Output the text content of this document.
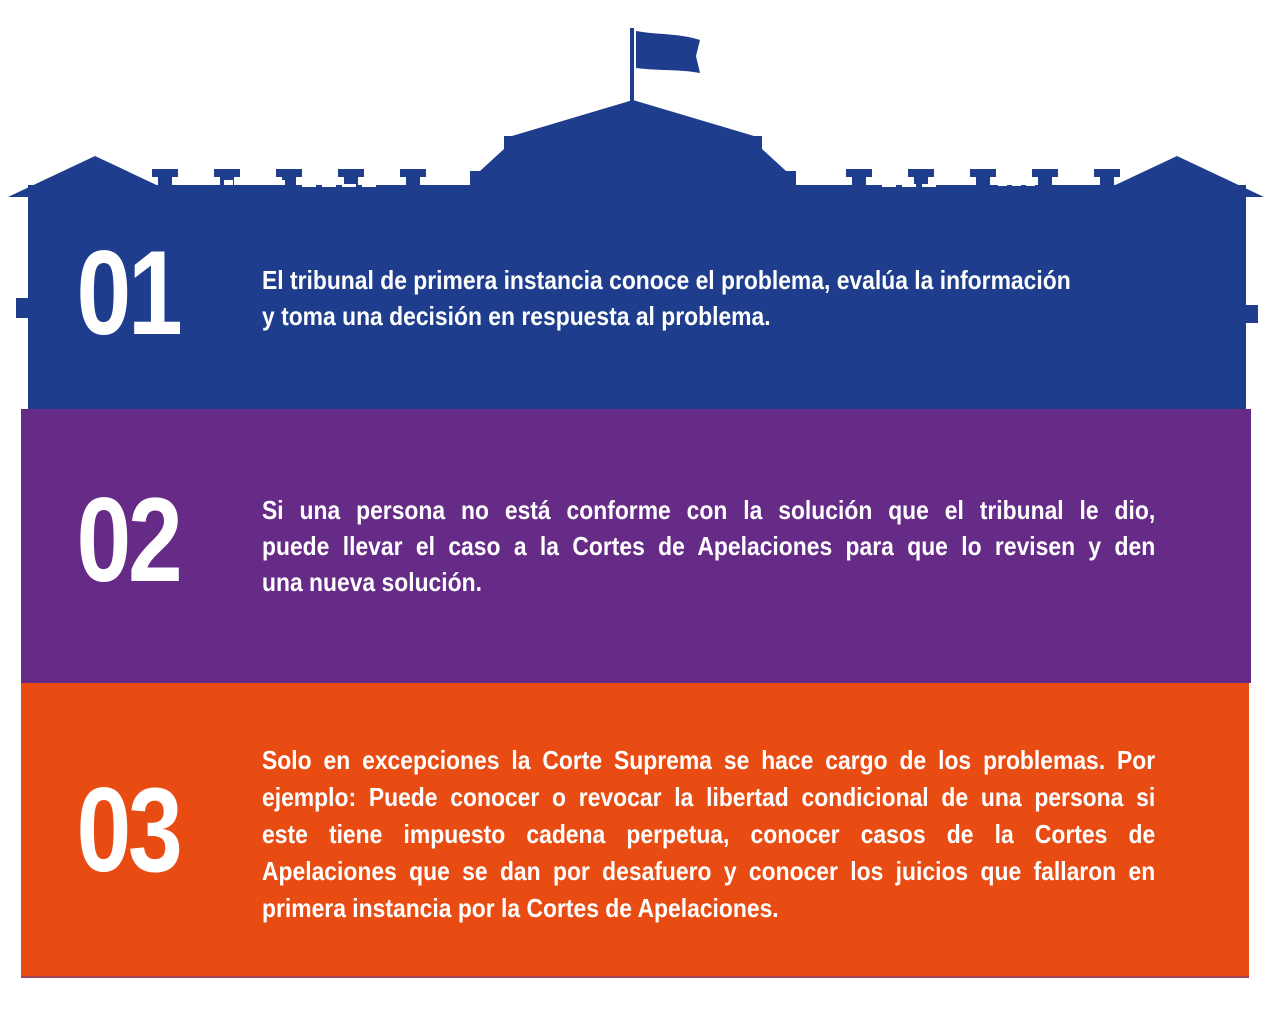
01
02
03
El tribunal de primera instancia conoce el problema, evalúa la información
y toma una decisión en respuesta al problema.
Si una persona no está conforme con la solución que el tribunal le dio,
puede llevar el caso a la Cortes de Apelaciones para que lo revisen y den
una nueva solución.
Solo en excepciones la Corte Suprema se hace cargo de los problemas. Por
ejemplo: Puede conocer o revocar la libertad condicional de una persona si
este tiene impuesto cadena perpetua, conocer casos de la Cortes de
Apelaciones que se dan por desafuero y conocer los juicios que fallaron en
primera instancia por la Cortes de Apelaciones.
